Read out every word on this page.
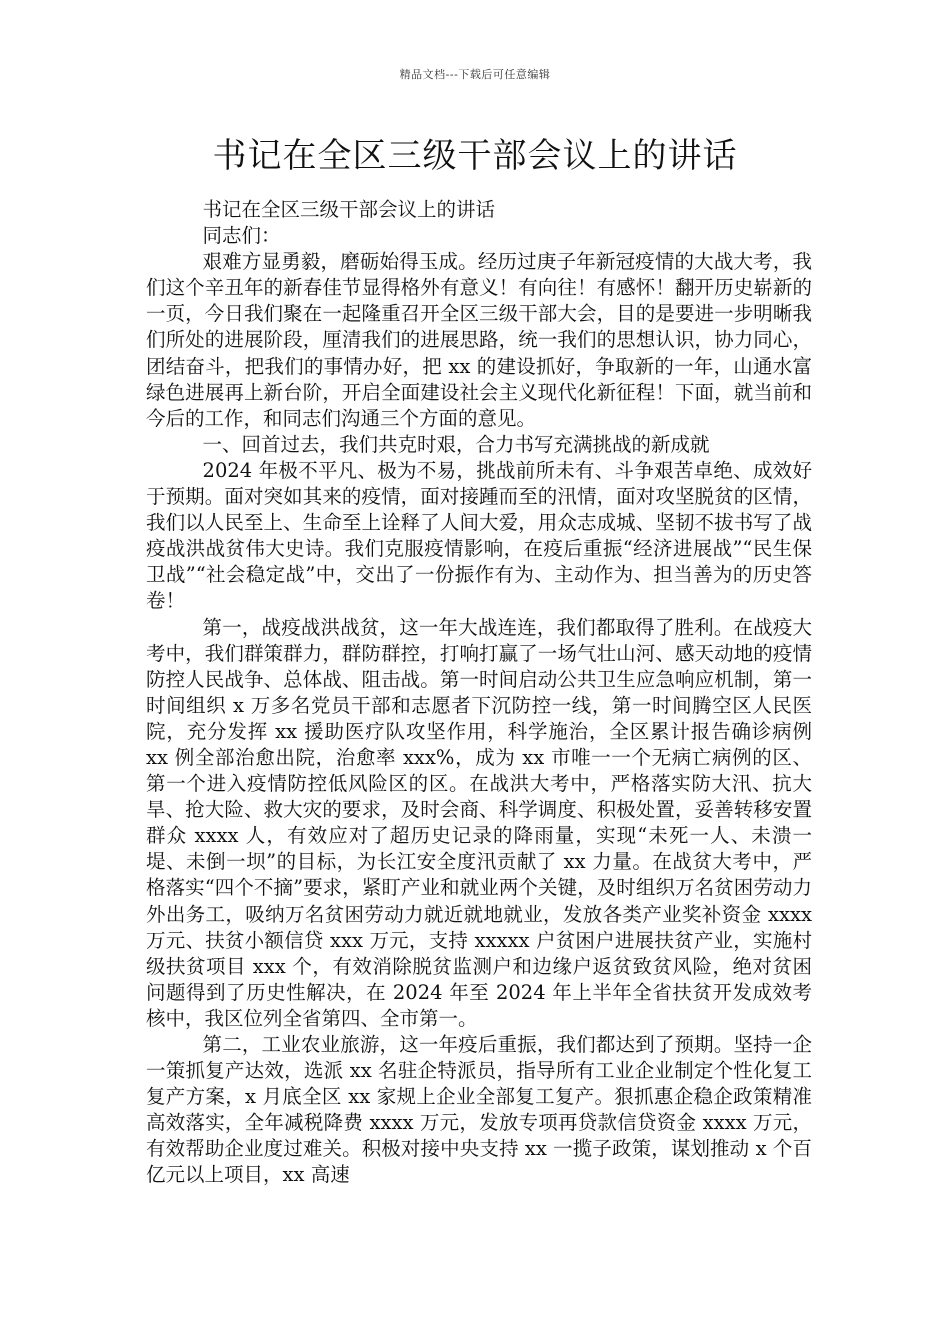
精品文档---下载后可任意编辑
书记在全区三级干部会议上的讲话

书记在全区三级干部会议上的讲话

同志们：

艰难方显勇毅，磨砺始得玉成。经历过庚子年新冠疫情的大战大考，我们这个辛丑年的新春佳节显得格外有意义！有向往！有感怀！翻开历史崭新的一页，今日我们聚在一起隆重召开全区三级干部大会，目的是要进一步明晰我们所处的进展阶段，厘清我们的进展思路，统一我们的思想认识，协力同心，团结奋斗，把我们的事情办好，把 xx 的建设抓好，争取新的一年，山通水富绿色进展再上新台阶，开启全面建设社会主义现代化新征程！下面，就当前和今后的工作，和同志们沟通三个方面的意见。

一、回首过去，我们共克时艰，合力书写充满挑战的新成就

2024 年极不平凡、极为不易，挑战前所未有、斗争艰苦卓绝、成效好于预期。面对突如其来的疫情，面对接踵而至的汛情，面对攻坚脱贫的区情，我们以人民至上、生命至上诠释了人间大爱，用众志成城、坚韧不拔书写了战疫战洪战贫伟大史诗。我们克服疫情影响，在疫后重振“经济进展战”“民生保卫战”“社会稳定战”中，交出了一份振作有为、主动作为、担当善为的历史答卷！

第一，战疫战洪战贫，这一年大战连连，我们都取得了胜利。在战疫大考中，我们群策群力，群防群控，打响打赢了一场气壮山河、感天动地的疫情防控人民战争、总体战、阻击战。第一时间启动公共卫生应急响应机制，第一时间组织 x 万多名党员干部和志愿者下沉防控一线，第一时间腾空区人民医院，充分发挥 xx 援助医疗队攻坚作用，科学施治，全区累计报告确诊病例 xx 例全部治愈出院，治愈率 xxx%，成为 xx 市唯一一个无病亡病例的区、第一个进入疫情防控低风险区的区。在战洪大考中，严格落实防大汛、抗大旱、抢大险、救大灾的要求，及时会商、科学调度、积极处置，妥善转移安置群众 xxxx 人，有效应对了超历史记录的降雨量，实现“未死一人、未溃一堤、未倒一坝”的目标，为长江安全度汛贡献了 xx 力量。在战贫大考中，严格落实“四个不摘”要求，紧盯产业和就业两个关键，及时组织万名贫困劳动力外出务工，吸纳万名贫困劳动力就近就地就业，发放各类产业奖补资金 xxxx 万元、扶贫小额信贷 xxx 万元，支持 xxxxx 户贫困户进展扶贫产业，实施村级扶贫项目 xxx 个，有效消除脱贫监测户和边缘户返贫致贫风险，绝对贫困问题得到了历史性解决，在 2024 年至 2024 年上半年全省扶贫开发成效考核中，我区位列全省第四、全市第一。

第二，工业农业旅游，这一年疫后重振，我们都达到了预期。坚持一企一策抓复产达效，选派 xx 名驻企特派员，指导所有工业企业制定个性化复工复产方案，x 月底全区 xx 家规上企业全部复工复产。狠抓惠企稳企政策精准高效落实，全年减税降费 xxxx 万元，发放专项再贷款信贷资金 xxxx 万元，有效帮助企业度过难关。积极对接中央支持 xx 一揽子政策，谋划推动 x 个百亿元以上项目，xx 高速
